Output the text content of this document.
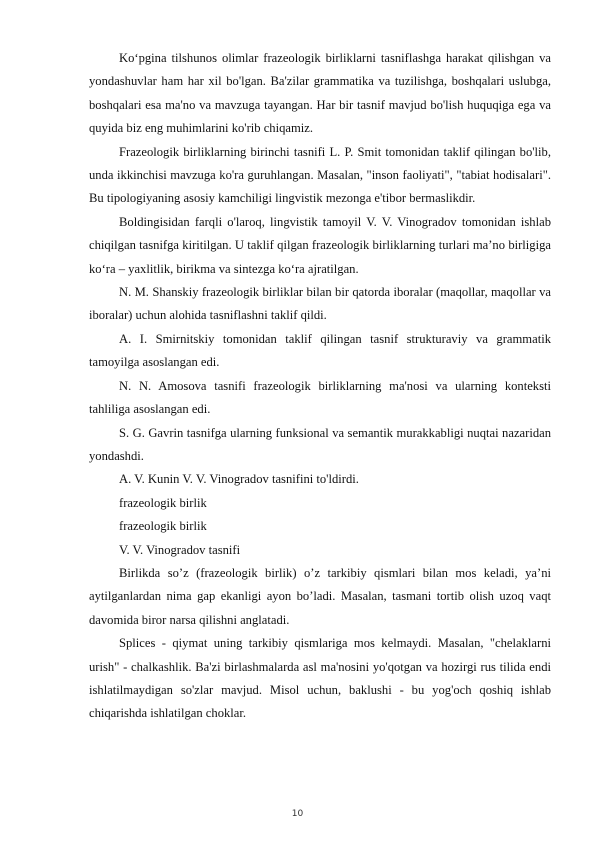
Ko‘pgina tilshunos olimlar frazeologik birliklarni tasniflashga harakat qilishgan va yondashuvlar ham har xil bo'lgan. Ba'zilar grammatika va tuzilishga, boshqalari uslubga, boshqalari esa ma'no va mavzuga tayangan. Har bir tasnif mavjud bo'lish huquqiga ega va quyida biz eng muhimlarini ko'rib chiqamiz.

Frazeologik birliklarning birinchi tasnifi L. P. Smit tomonidan taklif qilingan bo'lib, unda ikkinchisi mavzuga ko'ra guruhlangan. Masalan, "inson faoliyati", "tabiat hodisalari". Bu tipologiyaning asosiy kamchiligi lingvistik mezonga e'tibor bermaslikdir.

Boldingisidan farqli o'laroq, lingvistik tamoyil V. V. Vinogradov tomonidan ishlab chiqilgan tasnifga kiritilgan. U taklif qilgan frazeologik birliklarning turlari ma’no birligiga ko‘ra – yaxlitlik, birikma va sintezga ko‘ra ajratilgan.

N. M. Shanskiy frazeologik birliklar bilan bir qatorda iboralar (maqollar, maqollar va iboralar) uchun alohida tasniflashni taklif qildi.

A. I. Smirnitskiy tomonidan taklif qilingan tasnif strukturaviy va grammatik tamoyilga asoslangan edi.

N. N. Amosova tasnifi frazeologik birliklarning ma'nosi va ularning konteksti tahliliga asoslangan edi.

S. G. Gavrin tasnifga ularning funksional va semantik murakkabligi nuqtai nazaridan yondashdi.

A. V. Kunin V. V. Vinogradov tasnifini to'ldirdi.

frazeologik birlik

frazeologik birlik

V. V. Vinogradov tasnifi

Birlikda so’z (frazeologik birlik) o’z tarkibiy qismlari bilan mos keladi, ya’ni aytilganlardan nima gap ekanligi ayon bo’ladi. Masalan, tasmani tortib olish uzoq vaqt davomida biror narsa qilishni anglatadi.

Splices - qiymat uning tarkibiy qismlariga mos kelmaydi. Masalan, "chelaklarni urish" - chalkashlik. Ba'zi birlashmalarda asl ma'nosini yo'qotgan va hozirgi rus tilida endi ishlatilmaydigan so'zlar mavjud. Misol uchun, baklushi - bu yog'och qoshiq ishlab chiqarishda ishlatilgan choklar.

10
